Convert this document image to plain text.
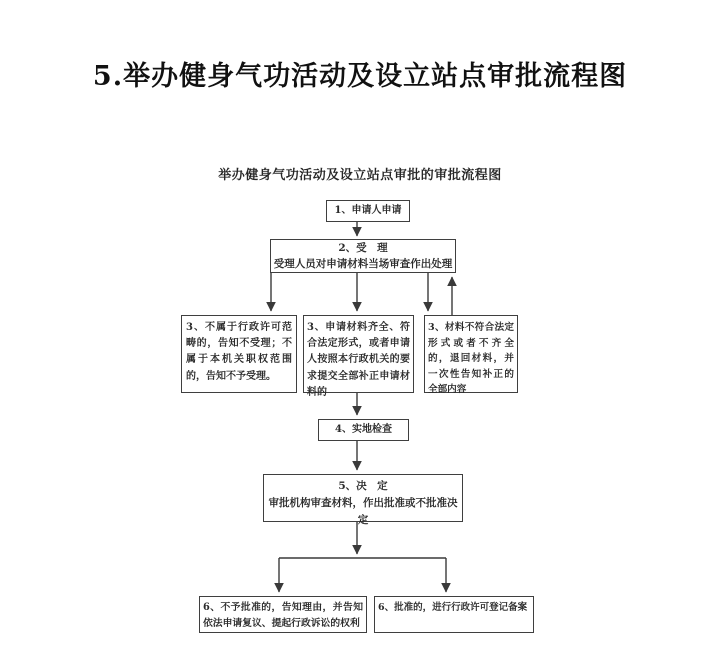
5.举办健身气功活动及设立站点审批流程图
举办健身气功活动及设立站点审批的审批流程图
1、申请人申请
2、受　理
受理人员对申请材料当场审查作出处理
3、不属于行政许可范畴的，告知不受理；不属于本机关职权范围的，告知不予受理。
3、申请材料齐全、符合法定形式，或者申请人按照本行政机关的要求提交全部补正申请材料的
3、材料不符合法定形式或者不齐全的，退回材料，并一次性告知补正的全部内容
4、实地检查
5、决　定
审批机构审查材料，作出批准或不批准决定
6、不予批准的，告知理由，并告知依法申请复议、提起行政诉讼的权利
6、批准的，进行行政许可登记备案
